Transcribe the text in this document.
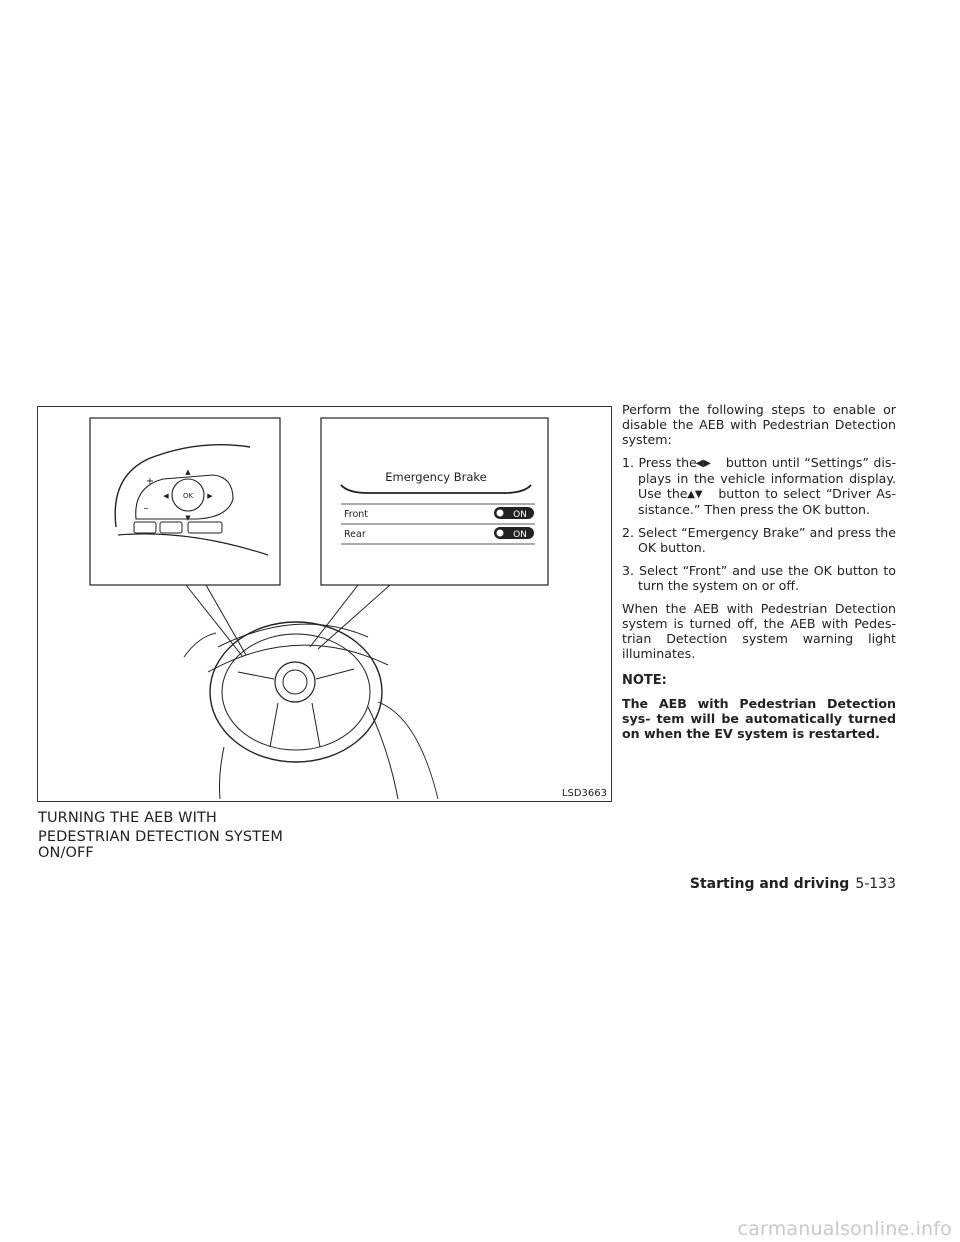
OK
▲
▼
◀	▶
+
–
Emergency Brake
Front	ON
Rear	ON
LSD3663
TURNING THE AEB WITH
PEDESTRIAN DETECTION SYSTEM
ON/OFF

Perform the following steps to enable or disable the AEB with Pedestrian Detection system:

1. Press the ◀▶ button until “Settings” dis- plays in the vehicle information display. Use the ▲▼ button to select “Driver As- sistance.” Then press the OK button.
2. Select “Emergency Brake” and press the OK button.
3. Select “Front” and use the OK button to turn the system on or off.

When the AEB with Pedestrian Detection system is turned off, the AEB with Pedes- trian Detection system warning light illuminates.

NOTE:
The AEB with Pedestrian Detection sys- tem will be automatically turned on when the EV system is restarted.
Starting and driving 5-133
carmanualsonline.info
